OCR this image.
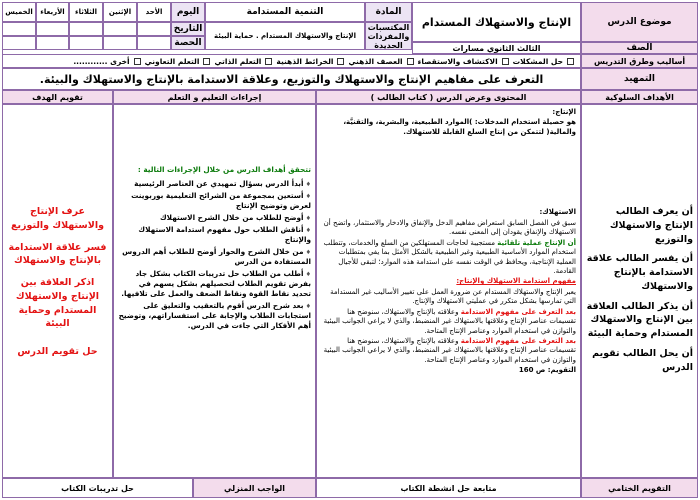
موضوع الدرس
الإنتاج والاستهلاك المستدام
المادة
التنمية المستدامة
اليوم
الأحد
الإثنين
الثلاثاء
الأربعاء
الخميس
المكتسبات والمفردات الجديدة
الإنتاج والاستهلاك المستدام . حماية البيئة
التاريخ
الحصة	الصف
الثالث الثانوي مسارات
أساليب وطرق التدريس
حل المشكلات
الاكتشاف والاستقصاء
العصف الذهني
الخرائط الذهنية
التعلم الذاتي
التعلم التعاوني
أخرى ............
التمهيد
التعرف على مفاهيم الإنتاج والاستهلاك والتوزيع، وعلاقة الاستدامة بالإنتاج والاستهلاك والبيئة.
الأهداف السلوكية
المحتوى وعرض الدرس ( كتاب الطالب )
إجراءات التعليم و التعلم
تقويم الهدف

أن يعرف الطالب الإنتاج والاستهلاك والتوزيع

أن يفسر الطالب علاقة الاستدامة بالإنتاج والاستهلاك

أن يذكر الطالب العلاقة بين الإنتاج والاستهلاك المستدام وحماية البيئة

أن يحل الطالب تقويم الدرس

الإنتاج:

هو حصيلة استخدام المدخلات: )الموارد الطبيعية، والبشرية، والتقنيَّة، والمالية( لتتمكن من إنتاج السلع القابلة للاستهلاك.

الاستهلاك:

سبق في الفصل السابق استعراض مفاهيم الدخل والإنفاق والادخار والاستثمار، واتضح أن الاستهلاك والإنفاق يقودان إلى المعنى نفسه.

أن الإنتاج عملية تلقائية مستجيبة لحاجات المستهلكين من السلع والخدمات، وتتطلب استخدام الموارد الأساسية الطبيعية وغير الطبيعية بالشكل الأمثل بما يفي بمتطلبات العملية الإنتاجية، ويحافظ في الوقت نفسه على استدامة هذه الموارد؛ لتبقى للأجيال القادمة.

مفهوم استدامة الاستهلاك والإنتاج:

يعبر الإنتاج والاستهلاك المستدام عن ضرورة العمل على تغيير الأساليب غير المستدامة التي تمارسها بشكل متكرر في عمليتي الاستهلاك والإنتاج.

بعد التعرف على مفهوم الاستدامة وعلاقته بالإنتاج والاستهلاك، سنوضح هنا تقسيمات عناصر الإنتاج وعلاقتها بالاستهلاك غير المنضبط، والذي لا يراعي الجوانب البيئية والتوازن في استخدام الموارد وعناصر الإنتاج المتاحة.

بعد التعرف على مفهوم الاستدامة وعلاقته بالإنتاج والاستهلاك، سنوضح هنا تقسيمات عناصر الإنتاج وعلاقتها بالاستهلاك غير المنضبط، والذي لا يراعي الجوانب البيئية والتوازن في استخدام الموارد وعناصر الإنتاج المتاحة.

التقويم: ص 160

تتحقق أهداف الدرس من خلال الإجراءات التالية :

♦ أبدأ الدرس بسؤال تمهيدي عن العناصر الرئيسية
♦ أستعين بمجموعة من الشرائح التعليمية بوربوينت لعرض وتوضيح الإنتاج
♦ أوضح للطلاب من خلال الشرح الاستهلاك
♦ أناقش الطلاب حول مفهوم استدامة الاستهلاك والإنتاج
♦ من خلال الشرح والحوار أوضح للطلاب أهم الدروس المستفادة من الدرس
♦ أطلب من الطلاب حل تدريبات الكتاب بشكل جاد بفرض تقويم الطلاب لتحصيلهم بشكل يسهم في تحديد نقاط القوة ونقاط الضعف والعمل على تلافيها.
♦ بعد شرح الدرس أقوم بالتعقيب والتعليق على استجابات الطلاب والإجابة على استفساراتهم، وتوضيح أهم الأفكار التي جاءت في الدرس.

عرف الإنتاج والاستهلاك والتوزيع

فسر علاقة الاستدامة بالإنتاج والاستهلاك

اذكر العلاقة بين الإنتاج والاستهلاك المستدام وحماية البيئة

حل تقويم الدرس

التقويم الختامي
متابعة حل انشطة الكتاب
الواجب المنزلي
حل تدريبات الكتاب
